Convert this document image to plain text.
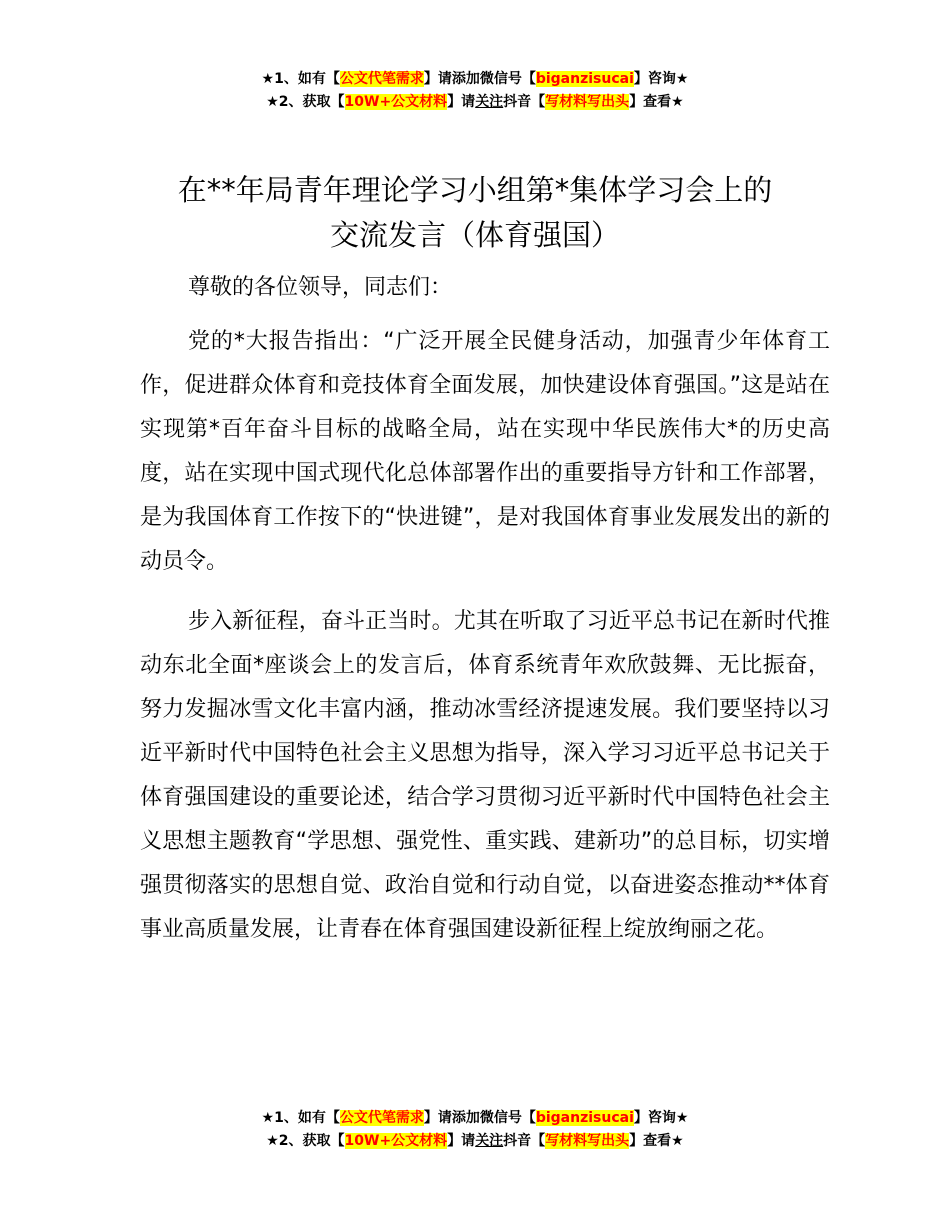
★1、如有【公文代笔需求】请添加微信号【biganzisucai】咨询★
★2、获取【10W+公文材料】请关注抖音【写材料写出头】查看★
在**年局青年理论学习小组第*集体学习会上的
交流发言（体育强国）

尊敬的各位领导，同志们：

党的*大报告指出：“广泛开展全民健身活动，加强青少年体育工作，促进群众体育和竞技体育全面发展，加快建设体育强国。”这是站在实现第*百年奋斗目标的战略全局，站在实现中华民族伟大*的历史高度，站在实现中国式现代化总体部署作出的重要指导方针和工作部署，是为我国体育工作按下的“快进键”，是对我国体育事业发展发出的新的动员令。

步入新征程，奋斗正当时。尤其在听取了习近平总书记在新时代推动东北全面*座谈会上的发言后，体育系统青年欢欣鼓舞、无比振奋，努力发掘冰雪文化丰富内涵，推动冰雪经济提速发展。我们要坚持以习近平新时代中国特色社会主义思想为指导，深入学习习近平总书记关于体育强国建设的重要论述，结合学习贯彻习近平新时代中国特色社会主义思想主题教育“学思想、强党性、重实践、建新功”的总目标，切实增强贯彻落实的思想自觉、政治自觉和行动自觉，以奋进姿态推动**体育事业高质量发展，让青春在体育强国建设新征程上绽放绚丽之花。

★1、如有【公文代笔需求】请添加微信号【biganzisucai】咨询★
★2、获取【10W+公文材料】请关注抖音【写材料写出头】查看★
